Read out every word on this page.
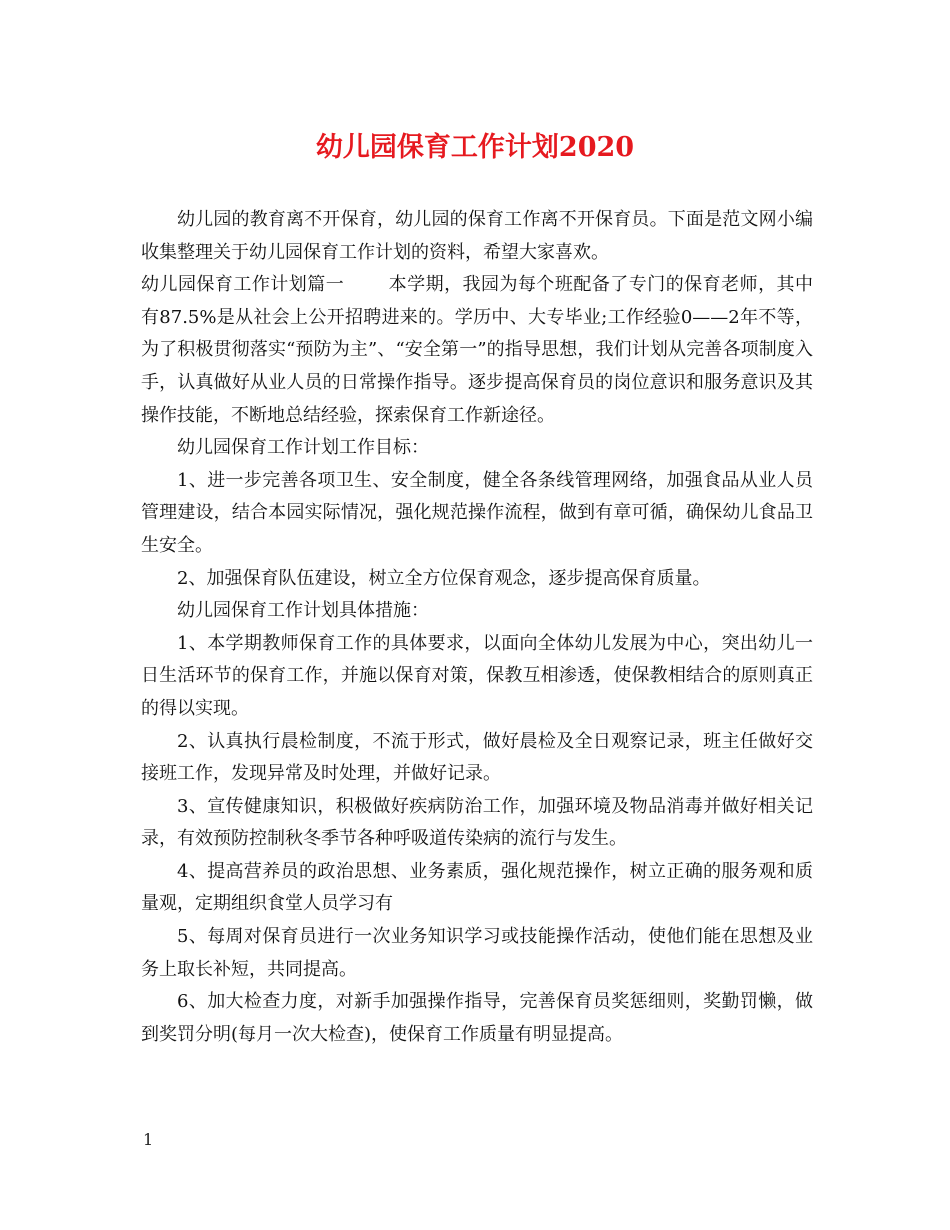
幼儿园保育工作计划2020

幼儿园的教育离不开保育，幼儿园的保育工作离不开保育员。下面是范文网小编收集整理关于幼儿园保育工作计划的资料，希望大家喜欢。

幼儿园保育工作计划篇一 本学期，我园为每个班配备了专门的保育老师，其中有87.5%是从社会上公开招聘进来的。学历中、大专毕业;工作经验0——2年不等，为了积极贯彻落实“预防为主”、“安全第一”的指导思想，我们计划从完善各项制度入手，认真做好从业人员的日常操作指导。逐步提高保育员的岗位意识和服务意识及其操作技能，不断地总结经验，探索保育工作新途径。

幼儿园保育工作计划工作目标：

1、进一步完善各项卫生、安全制度，健全各条线管理网络，加强食品从业人员管理建设，结合本园实际情况，强化规范操作流程，做到有章可循，确保幼儿食品卫生安全。

2、加强保育队伍建设，树立全方位保育观念，逐步提高保育质量。

幼儿园保育工作计划具体措施：

1、本学期教师保育工作的具体要求，以面向全体幼儿发展为中心，突出幼儿一日生活环节的保育工作，并施以保育对策，保教互相渗透，使保教相结合的原则真正的得以实现。

2、认真执行晨检制度，不流于形式，做好晨检及全日观察记录，班主任做好交接班工作，发现异常及时处理，并做好记录。

3、宣传健康知识，积极做好疾病防治工作，加强环境及物品消毒并做好相关记录，有效预防控制秋冬季节各种呼吸道传染病的流行与发生。

4、提高营养员的政治思想、业务素质，强化规范操作，树立正确的服务观和质量观，定期组织食堂人员学习有

5、每周对保育员进行一次业务知识学习或技能操作活动，使他们能在思想及业务上取长补短，共同提高。

6、加大检查力度，对新手加强操作指导，完善保育员奖惩细则，奖勤罚懒，做到奖罚分明(每月一次大检查)，使保育工作质量有明显提高。

1
